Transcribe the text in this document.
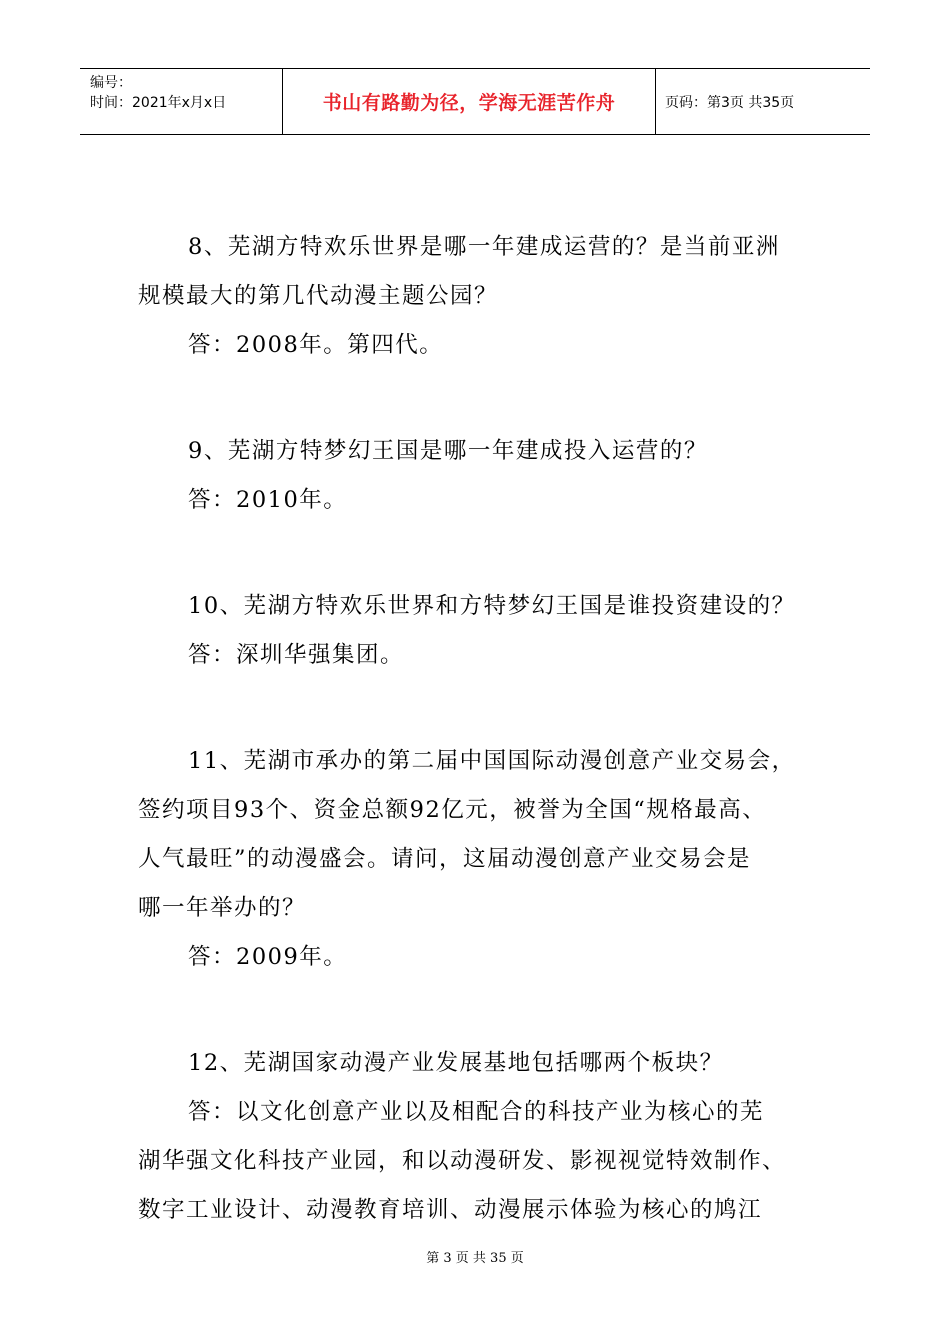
编号：
时间：2021年x月x日	书山有路勤为径，学海无涯苦作舟	页码：第3页 共35页
8、芜湖方特欢乐世界是哪一年建成运营的？是当前亚洲
规模最大的第几代动漫主题公园？
答：2008年。第四代。
9、芜湖方特梦幻王国是哪一年建成投入运营的？
答：2010年。
10、芜湖方特欢乐世界和方特梦幻王国是谁投资建设的？
答：深圳华强集团。
11、芜湖市承办的第二届中国国际动漫创意产业交易会，
签约项目93个、资金总额92亿元，被誉为全国“规格最高、
人气最旺”的动漫盛会。请问，这届动漫创意产业交易会是
哪一年举办的？
答：2009年。
12、芜湖国家动漫产业发展基地包括哪两个板块？
答：以文化创意产业以及相配合的科技产业为核心的芜
湖华强文化科技产业园，和以动漫研发、影视视觉特效制作、
数字工业设计、动漫教育培训、动漫展示体验为核心的鸠江
第 3 页 共 35 页
